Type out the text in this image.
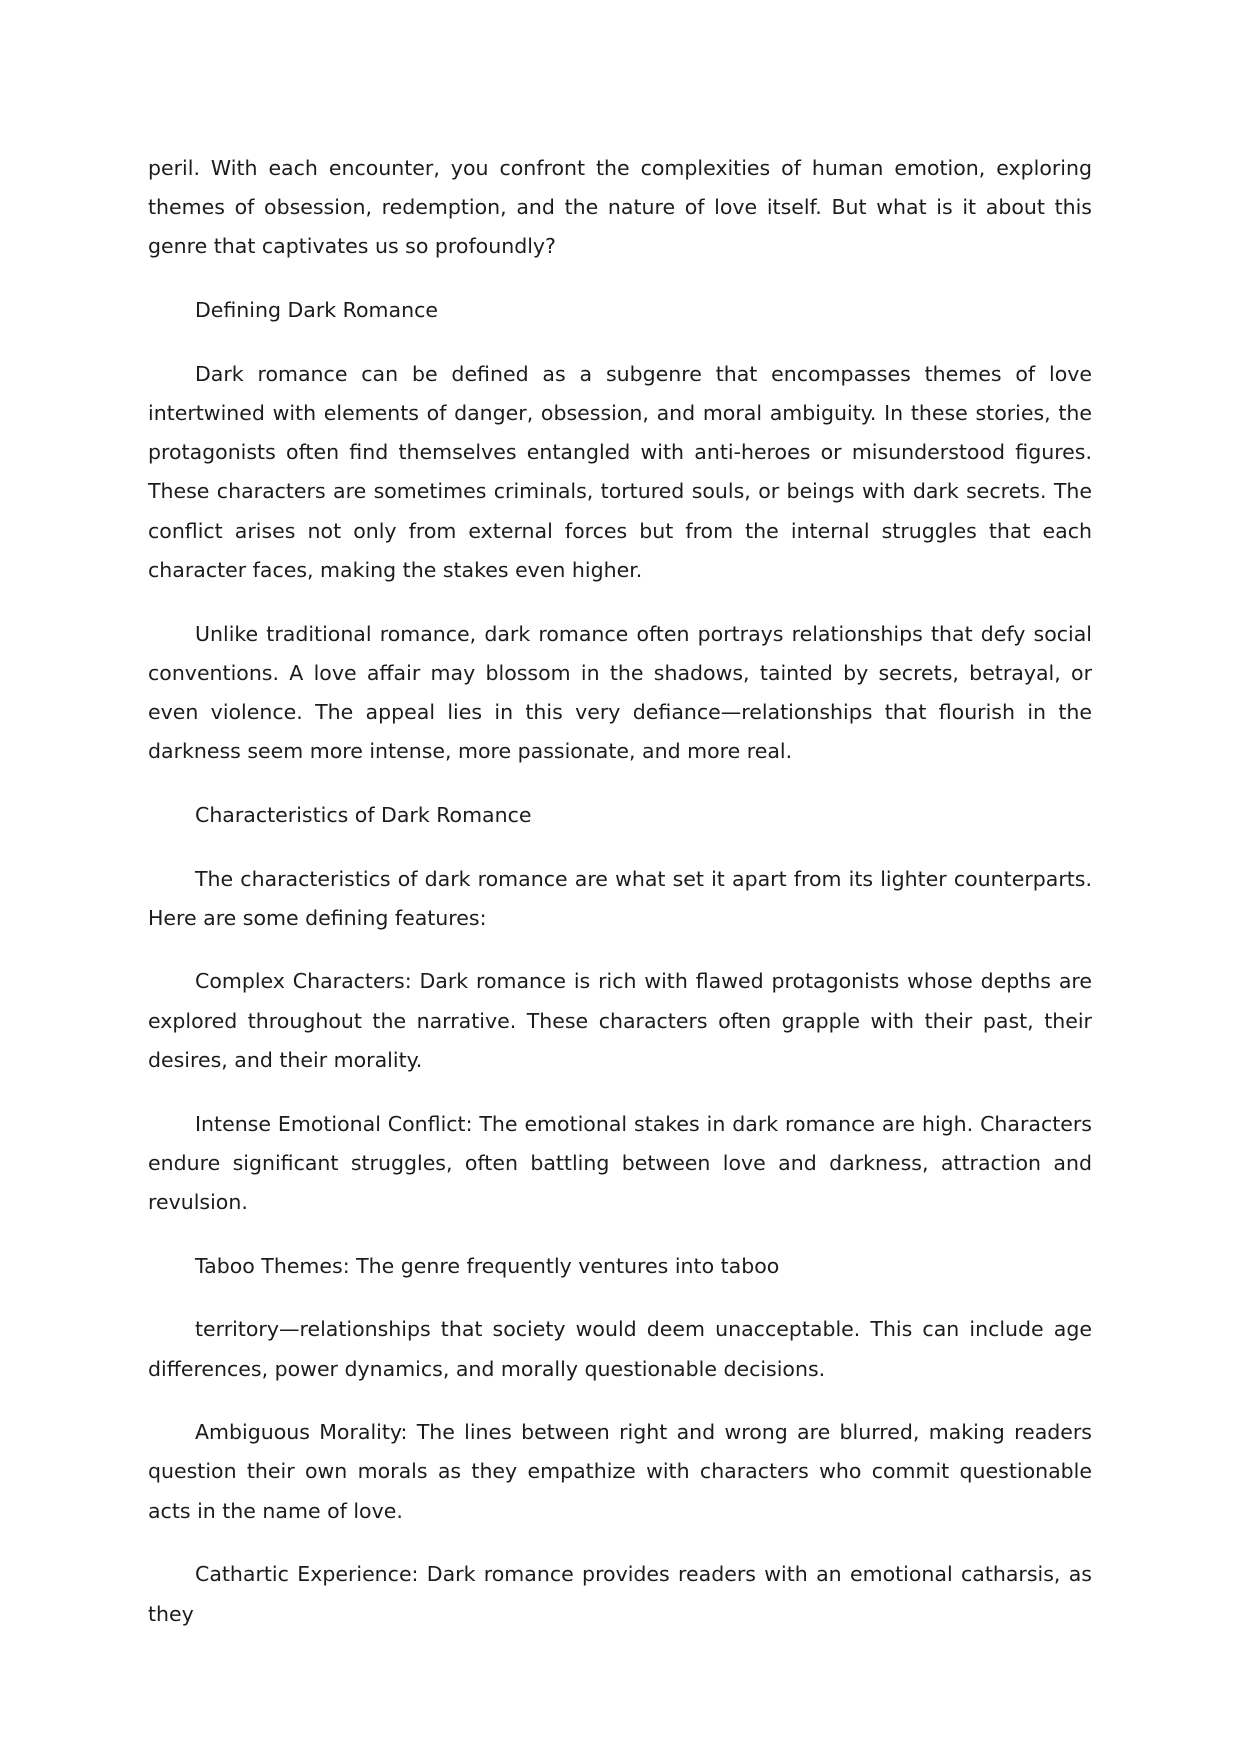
peril. With each encounter, you confront the complexities of human emotion, exploring themes of obsession, redemption, and the nature of love itself. But what is it about this genre that captivates us so profoundly?

Defining Dark Romance

Dark romance can be defined as a subgenre that encompasses themes of love intertwined with elements of danger, obsession, and moral ambiguity. In these stories, the protagonists often find themselves entangled with anti-heroes or misunderstood figures. These characters are sometimes criminals, tortured souls, or beings with dark secrets. The conflict arises not only from external forces but from the internal struggles that each character faces, making the stakes even higher.

Unlike traditional romance, dark romance often portrays relationships that defy social conventions. A love affair may blossom in the shadows, tainted by secrets, betrayal, or even violence. The appeal lies in this very defiance—relationships that flourish in the darkness seem more intense, more passionate, and more real.

Characteristics of Dark Romance

The characteristics of dark romance are what set it apart from its lighter counterparts. Here are some defining features:

Complex Characters: Dark romance is rich with flawed protagonists whose depths are explored throughout the narrative. These characters often grapple with their past, their desires, and their morality.

Intense Emotional Conflict: The emotional stakes in dark romance are high. Characters endure significant struggles, often battling between love and darkness, attraction and revulsion.

Taboo Themes: The genre frequently ventures into taboo

territory—relationships that society would deem unacceptable. This can include age differences, power dynamics, and morally questionable decisions.

Ambiguous Morality: The lines between right and wrong are blurred, making readers question their own morals as they empathize with characters who commit questionable acts in the name of love.

Cathartic Experience: Dark romance provides readers with an emotional catharsis, as they
